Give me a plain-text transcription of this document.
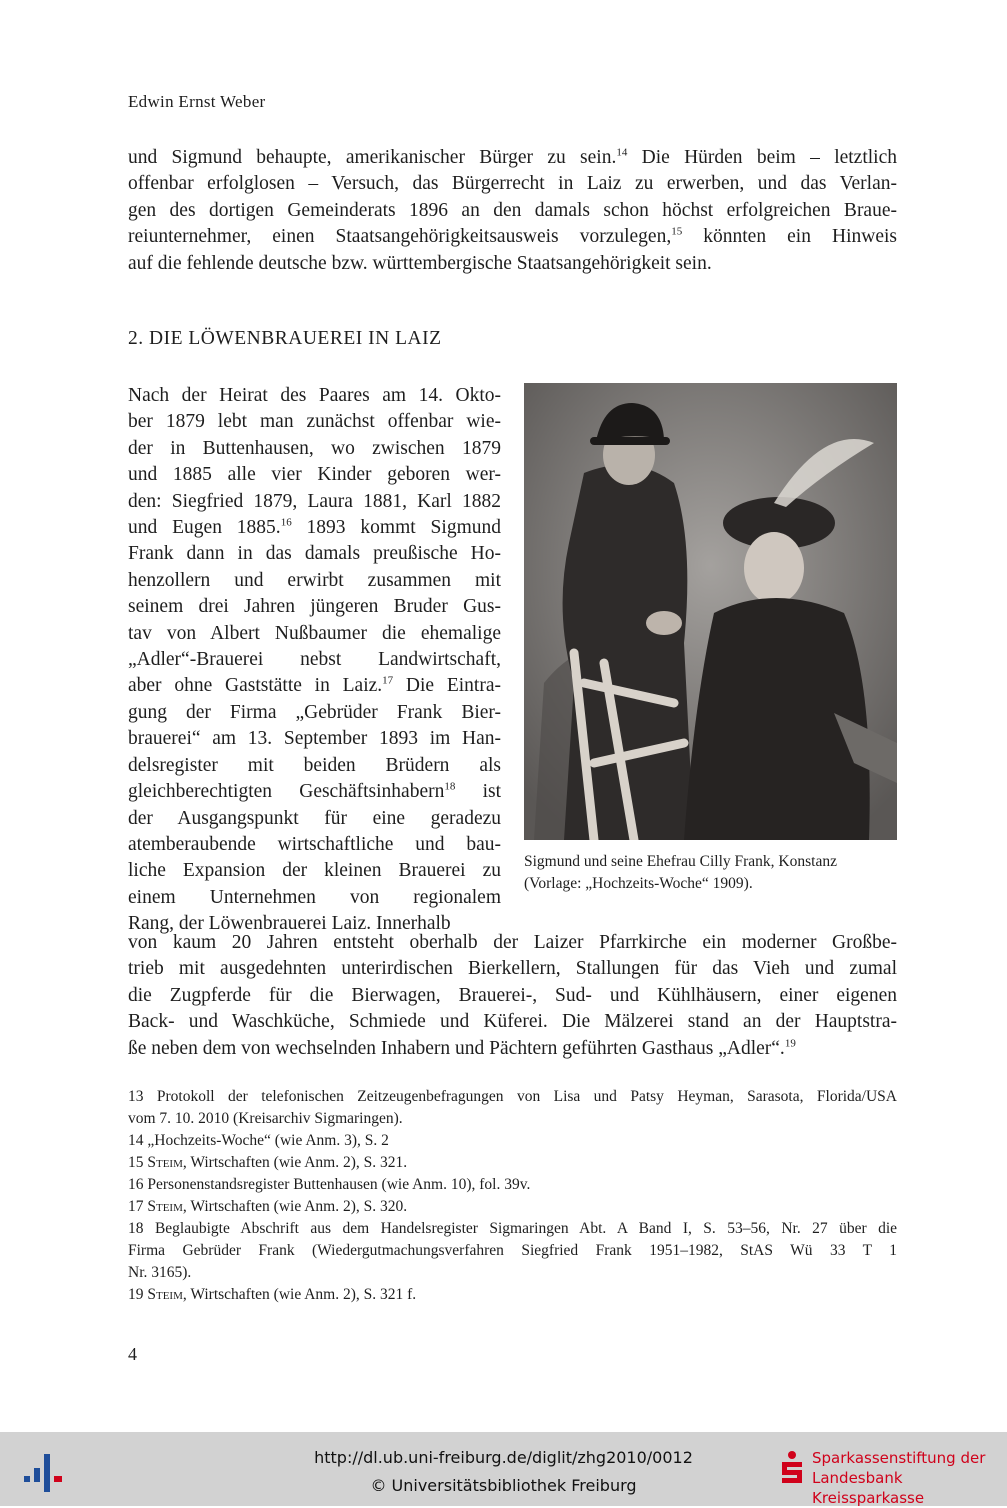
Edwin Ernst Weber
und Sigmund behaupte, amerikanischer Bürger zu sein.$^{14}$ Die Hürden beim – letztlich
offenbar erfolglosen – Versuch, das Bürgerrecht in Laiz zu erwerben, und das Verlan-
gen des dortigen Gemeinderats 1896 an den damals schon höchst erfolgreichen Braue-
reiunternehmer, einen Staatsangehörigkeitsausweis vorzulegen,$^{15}$ könnten ein Hinweis
auf die fehlende deutsche bzw. württembergische Staatsangehörigkeit sein.
2. DIE LÖWENBRAUEREI IN LAIZ
Nach der Heirat des Paares am 14. Okto-
ber 1879 lebt man zunächst offenbar wie-
der in Buttenhausen, wo zwischen 1879
und 1885 alle vier Kinder geboren wer-
den: Siegfried 1879, Laura 1881, Karl 1882
und Eugen 1885.16 1893 kommt Sigmund
Frank dann in das damals preußische Ho-
henzollern und erwirbt zusammen mit
seinem drei Jahren jüngeren Bruder Gus-
tav von Albert Nußbaumer die ehemalige
„Adler“-Brauerei nebst Landwirtschaft,
aber ohne Gaststätte in Laiz.$^{17}$ Die Eintra-
gung der Firma „Gebrüder Frank Bier-
brauerei“ am 13. September 1893 im Han-
delsregister mit beiden Brüdern als
gleichberechtigten Geschäftsinhabern$^{18}$ ist
der Ausgangspunkt für eine geradezu
atemberaubende wirtschaftliche und bau-
liche Expansion der kleinen Brauerei zu
einem Unternehmen von regionalem
Rang, der Löwenbrauerei Laiz. Innerhalb
Sigmund und seine Ehefrau Cilly Frank, Konstanz
(Vorlage: „Hochzeits-Woche“ 1909).
von kaum 20 Jahren entsteht oberhalb der Laizer Pfarrkirche ein moderner Großbe-
trieb mit ausgedehnten unterirdischen Bierkellern, Stallungen für das Vieh und zumal
die Zugpferde für die Bierwagen, Brauerei-, Sud- und Kühlhäusern, einer eigenen
Back- und Waschküche, Schmiede und Küferei. Die Mälzerei stand an der Hauptstra-
ße neben dem von wechselnden Inhabern und Pächtern geführten Gasthaus „Adler“.$^{19}$
13 Protokoll der telefonischen Zeitzeugenbefragungen von Lisa und Patsy Heyman, Sarasota, Florida/USA
vom 7. 10. 2010 (Kreisarchiv Sigmaringen).
14 „Hochzeits-Woche“ (wie Anm. 3), S. 2
15 Steim, Wirtschaften (wie Anm. 2), S. 321.
16 Personenstandsregister Buttenhausen (wie Anm. 10), fol. 39v.
17 Steim, Wirtschaften (wie Anm. 2), S. 320.
18 Beglaubigte Abschrift aus dem Handelsregister Sigmaringen Abt. A Band I, S. 53–56, Nr. 27 über die
Firma Gebrüder Frank (Wiedergutmachungsverfahren Siegfried Frank 1951–1982, StAS Wü 33 T 1
Nr. 3165).
19 Steim, Wirtschaften (wie Anm. 2), S. 321 f.
4
http://dl.ub.uni-freiburg.de/diglit/zhg2010/0012
© Universitätsbibliothek Freiburg
Sparkassenstiftung der
Landesbank Kreissparkasse
